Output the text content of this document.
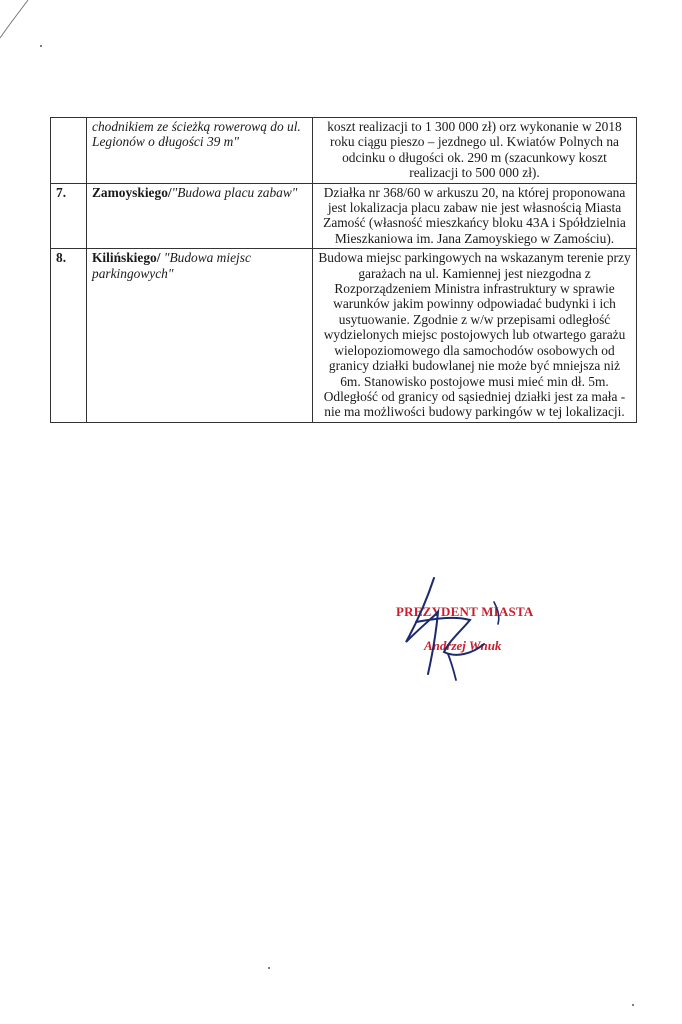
	chodnikiem ze ścieżką rowerową do ul. Legionów o długości 39 m"	koszt realizacji to 1 300 000 zł) orz wykonanie w 2018 roku ciągu pieszo – jezdnego ul. Kwiatów Polnych na odcinku o długości ok. 290 m (szacunkowy koszt realizacji to 500 000 zł).
7.	Zamoyskiego/"Budowa placu zabaw"	Działka nr 368/60 w arkuszu 20, na której proponowana jest lokalizacja placu zabaw nie jest własnością Miasta Zamość (własność mieszkańcy bloku 43A i Spółdzielnia Mieszkaniowa im. Jana Zamoyskiego w Zamościu).
8.	Kilińskiego/ "Budowa miejsc parkingowych"	Budowa miejsc parkingowych na wskazanym terenie przy garażach na ul. Kamiennej jest niezgodna z Rozporządzeniem Ministra infrastruktury w sprawie warunków jakim powinny odpowiadać budynki i ich usytuowanie. Zgodnie z w/w przepisami odległość wydzielonych miejsc postojowych lub otwartego garażu wielopoziomowego dla samochodów osobowych od granicy działki budowlanej nie może być mniejsza niż 6m. Stanowisko postojowe musi mieć min dł. 5m. Odległość od granicy od sąsiedniej działki jest za mała - nie ma możliwości budowy parkingów w tej lokalizacji.
PREZYDENT MIASTA
Andrzej Wnuk
